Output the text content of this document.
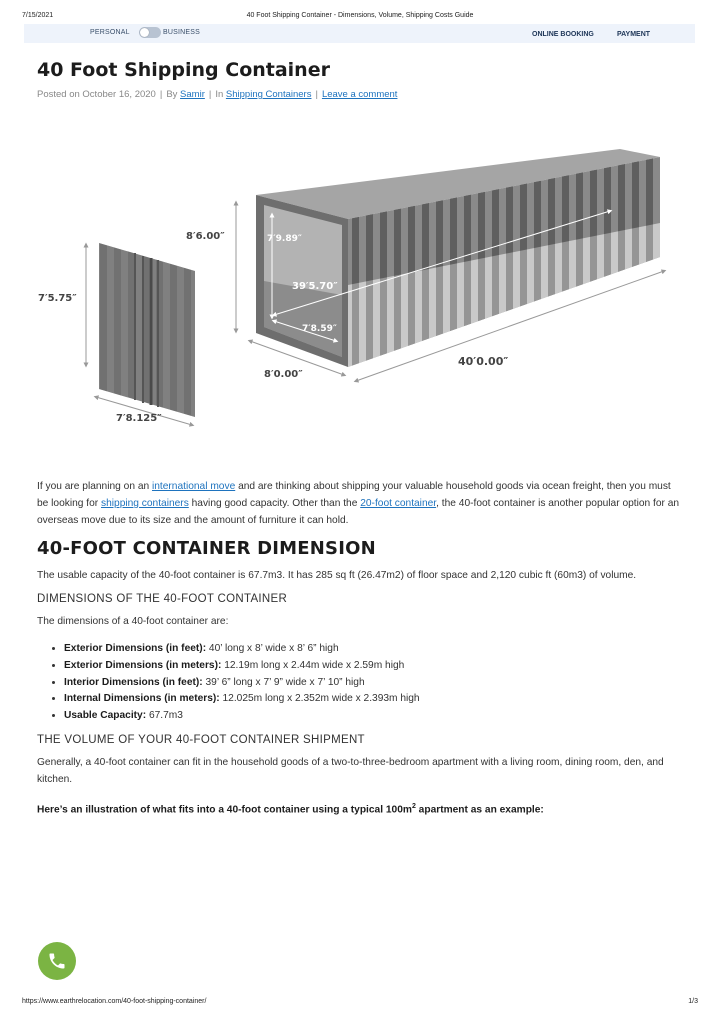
7/15/2021	40 Foot Shipping Container - Dimensions, Volume, Shipping Costs Guide
PERSONAL	BUSINESS	ONLINE BOOKING	PAYMENT
40 Foot Shipping Container
Posted on October 16, 2020 | By Samir | In Shipping Containers | Leave a comment
8′6.00″
7′5.75″
7′8.125″
7′9.89″
39′5.70″
7′8.59″
8′0.00″
40′0.00″

If you are planning on an international move and are thinking about shipping your valuable household goods via ocean freight, then you must be looking for shipping containers having good capacity. Other than the 20-foot container, the 40-foot container is another popular option for an overseas move due to its size and the amount of furniture it can hold.

40-FOOT CONTAINER DIMENSION

The usable capacity of the 40-foot container is 67.7m3. It has 285 sq ft (26.47m2) of floor space and 2,120 cubic ft (60m3) of volume.

DIMENSIONS OF THE 40-FOOT CONTAINER

The dimensions of a 40-foot container are:

• Exterior Dimensions (in feet): 40’ long x 8’ wide x 8’ 6” high
• Exterior Dimensions (in meters): 12.19m long x 2.44m wide x 2.59m high
• Interior Dimensions (in feet): 39’ 6” long x 7’ 9” wide x 7’ 10” high
• Internal Dimensions (in meters): 12.025m long x 2.352m wide x 2.393m high
• Usable Capacity: 67.7m3
THE VOLUME OF YOUR 40-FOOT CONTAINER SHIPMENT

Generally, a 40-foot container can fit in the household goods of a two-to-three-bedroom apartment with a living room, dining room, den, and kitchen.

Here’s an illustration of what fits into a 40-foot container using a typical $100m^2$ apartment as an example:

https://www.earthrelocation.com/40-foot-shipping-container/	1/3
